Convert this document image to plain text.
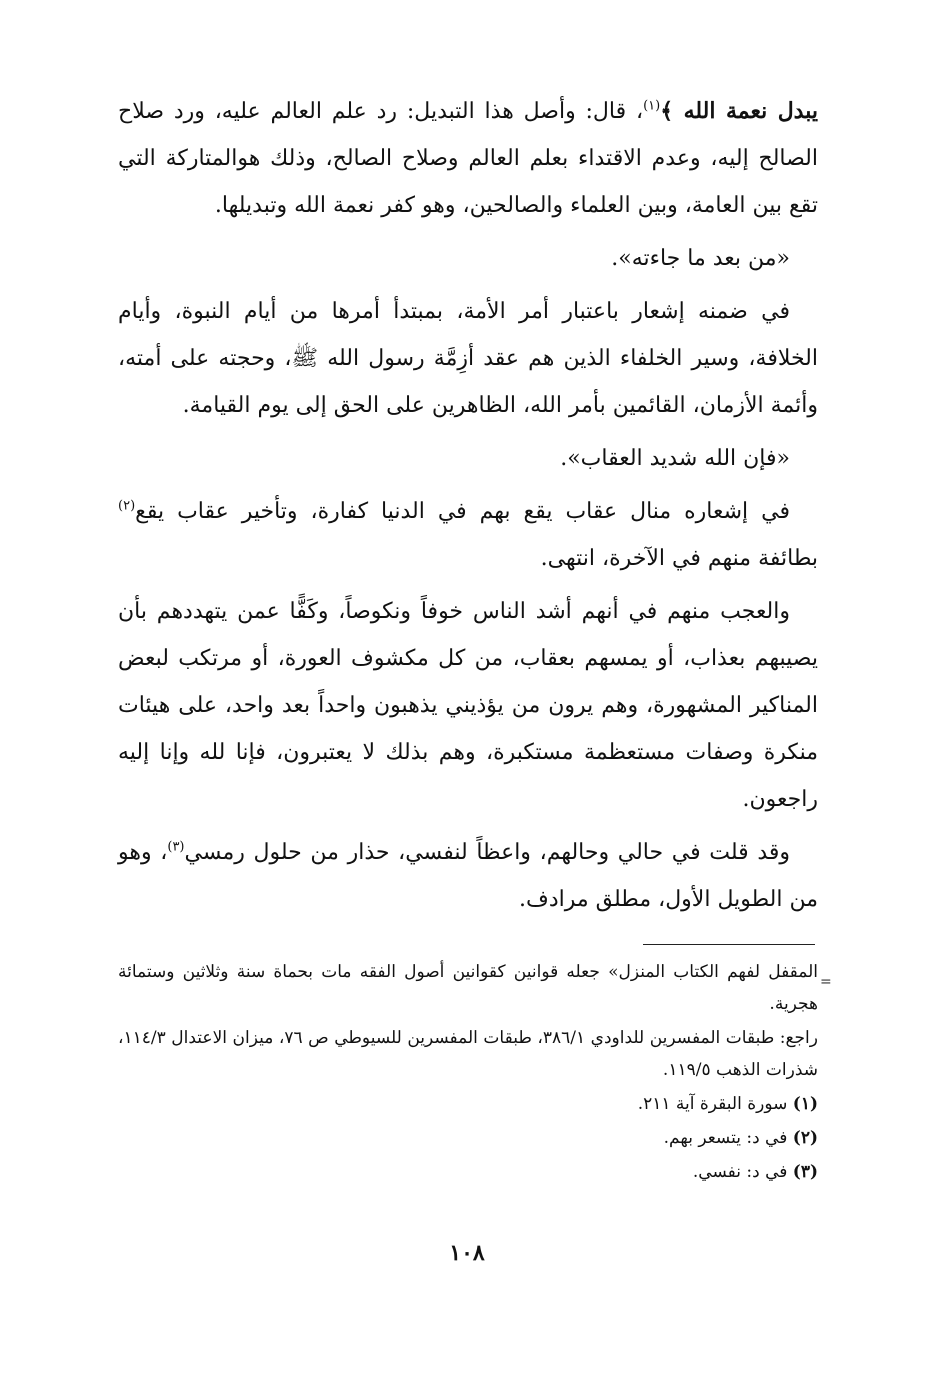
يبدل نعمة الله ﴾$^{(١)}$، قال: وأصل هذا التبديل: رد علم العالم عليه، ورد صلاح الصالح إليه، وعدم الاقتداء بعلم العالم وصلاح الصالح، وذلك هوالمتاركة التي تقع بين العامة، وبين العلماء والصالحين، وهو كفر نعمة الله وتبديلها.

«من بعد ما جاءته».

في ضمنه إشعار باعتبار أمر الأمة، بمبتدأ أمرها من أيام النبوة، وأيام الخلافة، وسير الخلفاء الذين هم عقد أزِمَّة رسول الله ﷺ، وحجته على أمته، وأئمة الأزمان، القائمين بأمر الله، الظاهرين على الحق إلى يوم القيامة.

«فإن الله شديد العقاب».

في إشعاره منال عقاب يقع بهم في الدنيا كفارة، وتأخير عقاب يقع$^{(٢)}$ بطائفة منهم في الآخرة، انتهى.

والعجب منهم في أنهم أشد الناس خوفاً ونكوصاً، وكَفًّا عمن يتهددهم بأن يصيبهم بعذاب، أو يمسهم بعقاب، من كل مكشوف العورة، أو مرتكب لبعض المناكير المشهورة، وهم يرون من يؤذيني يذهبون واحداً بعد واحد، على هيئات منكرة وصفات مستعظمة مستكبرة، وهم بذلك لا يعتبرون، فإنا لله وإنا إليه راجعون.

وقد قلت في حالي وحالهم، واعظاً لنفسي، حذار من حلول رمسي$^{(٣)}$، وهو من الطويل الأول، مطلق مرادف.

=

المقفل لفهم الكتاب المنزل» جعله قوانين كقوانين أصول الفقه مات بحماة سنة وثلاثين وستمائة هجرية.

راجع: طبقات المفسرين للداودي ٣٨٦/١، طبقات المفسرين للسيوطي ص ٧٦، ميزان الاعتدال ١١٤/٣، شذرات الذهب ١١٩/٥.

(١) سورة البقرة آية ٢١١.

(٢) في د: يتسعر بهم.

(٣) في د: نفسي.

١٠٨
